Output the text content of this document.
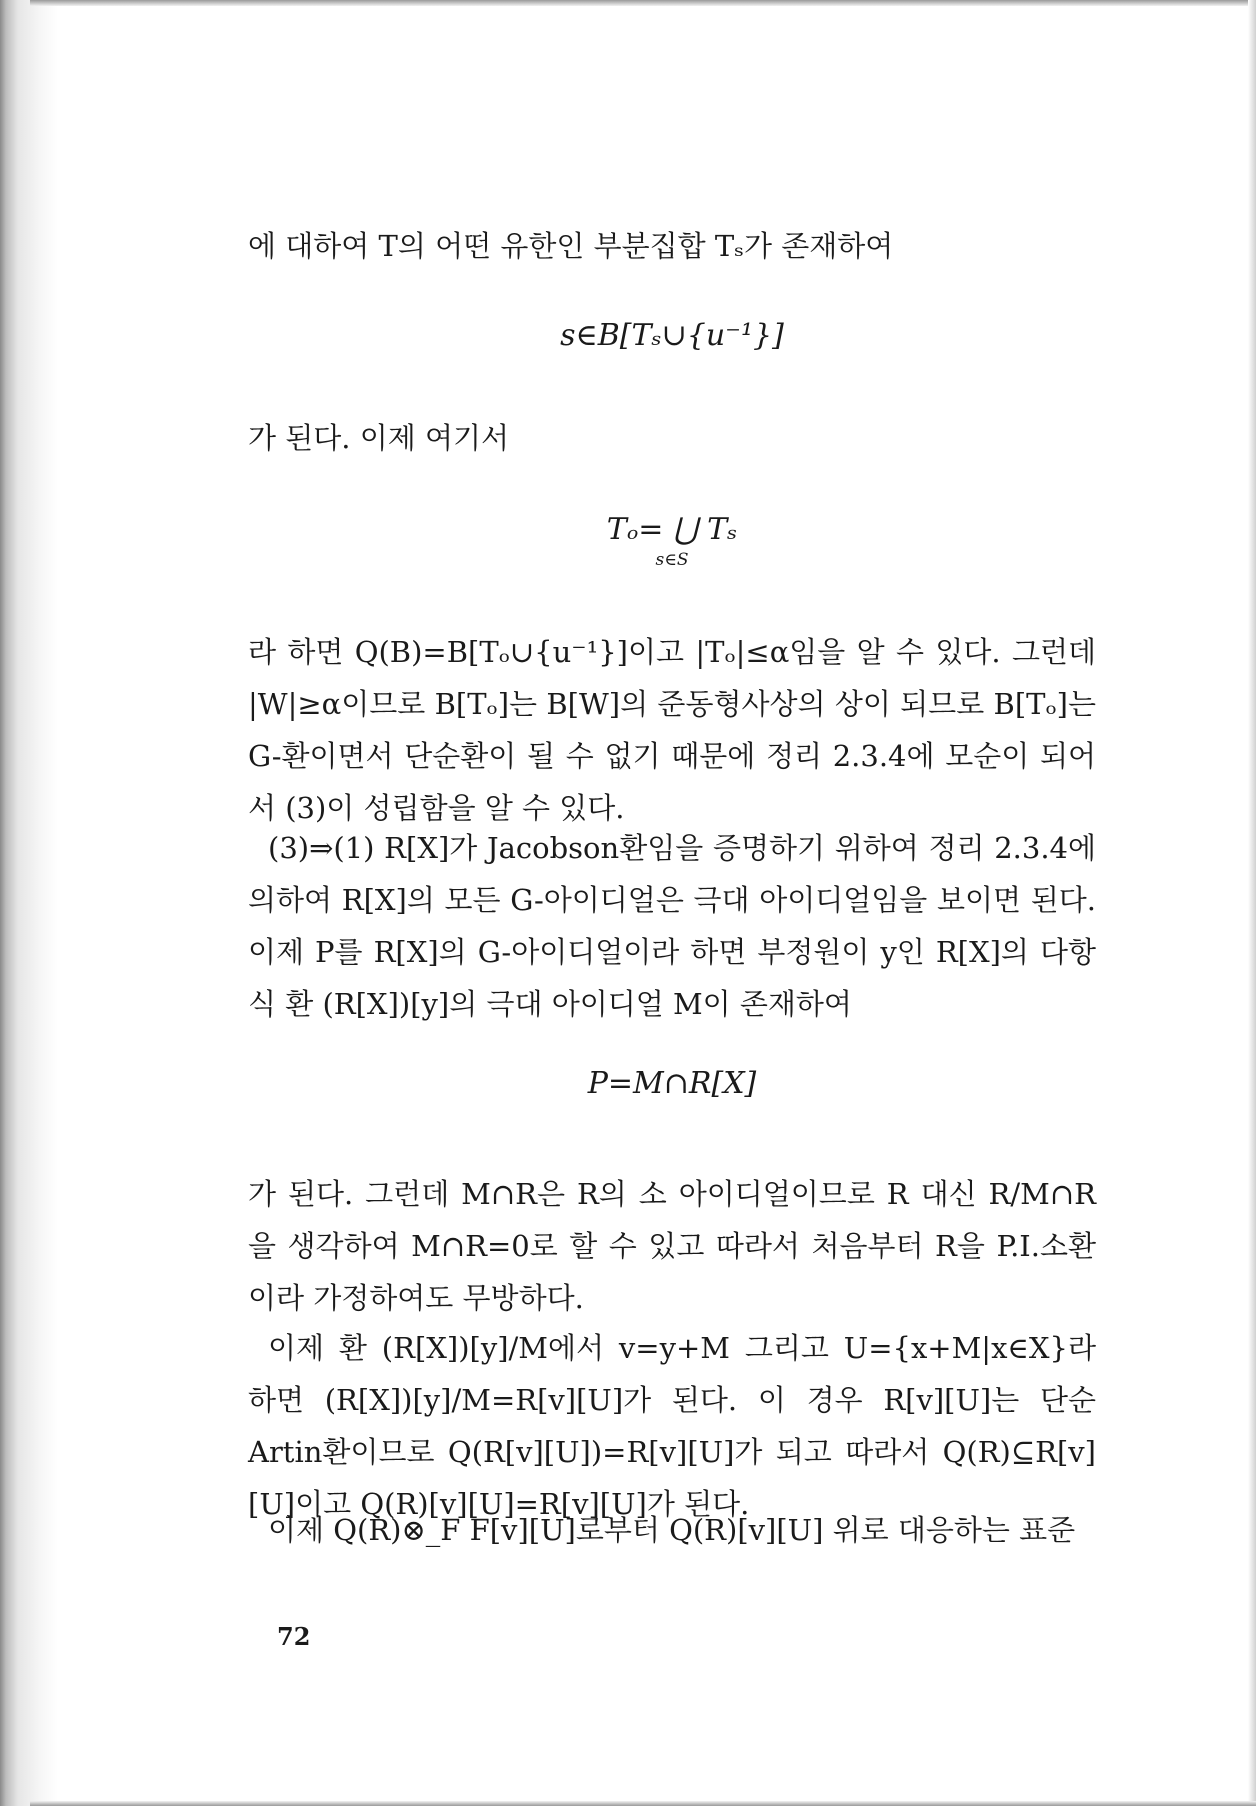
에 대하여 T의 어떤 유한인 부분집합 Tₛ가 존재하여
s∈B[Tₛ∪{u⁻¹}]
가 된다. 이제 여기서
Tₒ= ⋃ Tₛ
s∈S
라 하면 Q(B)=B[Tₒ∪{u⁻¹}]이고 |Tₒ|≤α임을 알 수 있다. 그런데 |W|≥α이므로 B[Tₒ]는 B[W]의 준동형사상의 상이 되므로 B[Tₒ]는 G-환이면서 단순환이 될 수 없기 때문에 정리 2.3.4에 모순이 되어서 (3)이 성립함을 알 수 있다.
(3)⇒(1) R[X]가 Jacobson환임을 증명하기 위하여 정리 2.3.4에 의하여 R[X]의 모든 G-아이디얼은 극대 아이디얼임을 보이면 된다. 이제 P를 R[X]의 G-아이디얼이라 하면 부정원이 y인 R[X]의 다항식 환 (R[X])[y]의 극대 아이디얼 M이 존재하여
P=M∩R[X]
가 된다. 그런데 M∩R은 R의 소 아이디얼이므로 R 대신 R/M∩R을 생각하여 M∩R=0로 할 수 있고 따라서 처음부터 R을 P.I.소환이라 가정하여도 무방하다.
이제 환 (R[X])[y]/M에서 v=y+M 그리고 U={x+M|x∈X}라 하면 (R[X])[y]/M=R[v][U]가 된다. 이 경우 R[v][U]는 단순 Artin환이므로 Q(R[v][U])=R[v][U]가 되고 따라서 Q(R)⊆R[v][U]이고 Q(R)[v][U]=R[v][U]가 된다.
이제 Q(R)⊗_F F[v][U]로부터 Q(R)[v][U] 위로 대응하는 표준
72
